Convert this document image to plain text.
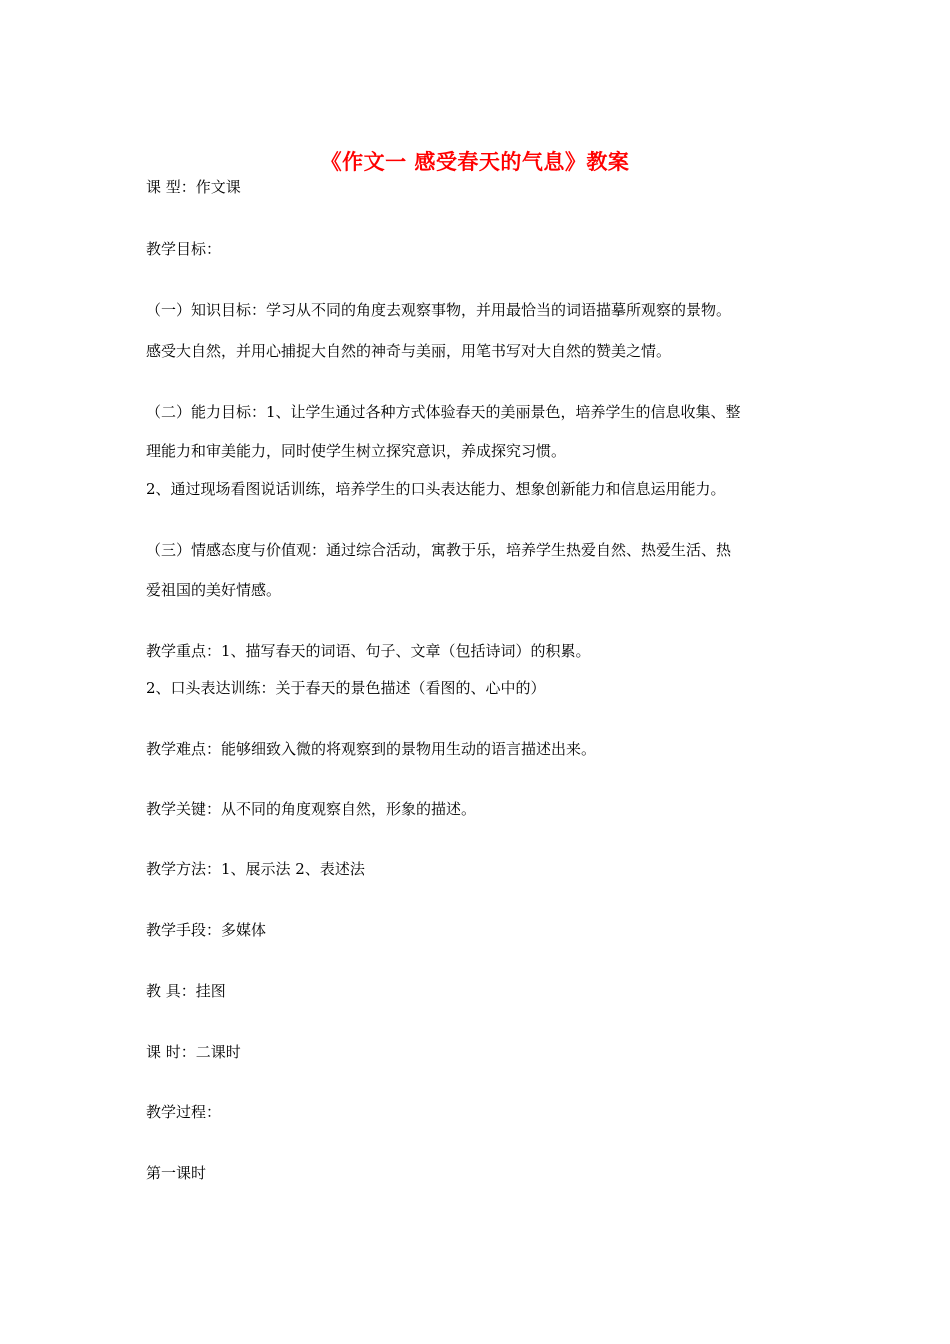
《作文一 感受春天的气息》教案
课 型：作文课
教学目标：
（一）知识目标：学习从不同的角度去观察事物，并用最恰当的词语描摹所观察的景物。
感受大自然，并用心捕捉大自然的神奇与美丽，用笔书写对大自然的赞美之情。
（二）能力目标：1、让学生通过各种方式体验春天的美丽景色，培养学生的信息收集、整
理能力和审美能力，同时使学生树立探究意识，养成探究习惯。
2、通过现场看图说话训练，培养学生的口头表达能力、想象创新能力和信息运用能力。
（三）情感态度与价值观：通过综合活动，寓教于乐，培养学生热爱自然、热爱生活、热
爱祖国的美好情感。
教学重点：1、描写春天的词语、句子、文章（包括诗词）的积累。
2、口头表达训练：关于春天的景色描述（看图的、心中的）
教学难点：能够细致入微的将观察到的景物用生动的语言描述出来。
教学关键：从不同的角度观察自然，形象的描述。
教学方法：1、展示法 2、表述法
教学手段：多媒体
教 具：挂图
课 时：二课时
教学过程：
第一课时
